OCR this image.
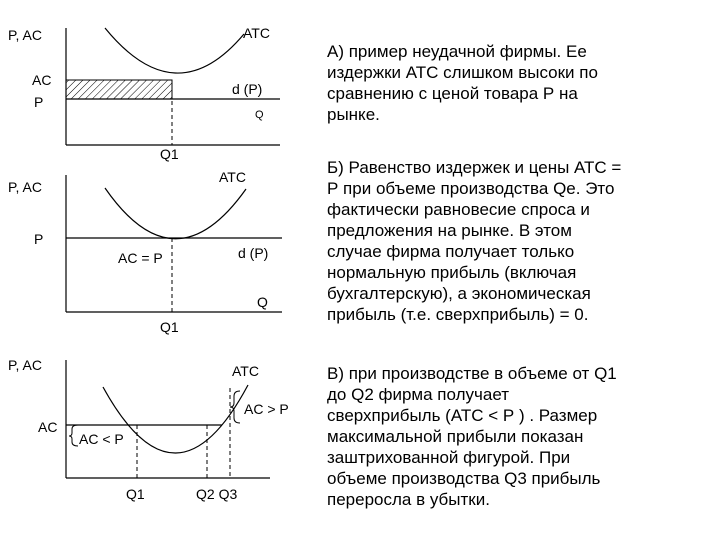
P, AC	ATC
AC
P
d (P)
Q
Q1
P, AC
ATC
P
AC = P	d (P)
Q
Q1
P, AC	ATC
AC
AC > P
AC < P
Q1	Q2 Q3

А) пример неудачной фирмы. Ее
издержки АТС слишком высоки по
сравнению с ценой товара Р на
рынке.

Б) Равенство издержек и цены АТС =
Р при объеме производства Qе. Это
фактически равновесие спроса и
предложения на рынке. В этом
случае фирма получает только
нормальную прибыль (включая
бухгалтерскую), а экономическая
прибыль (т.е. сверхприбыль) = 0.

В) при производстве в объеме от Q1
до Q2 фирма получает
сверхприбыль (АТС < Р ) . Размер
максимальной прибыли показан
заштрихованной фигурой. При
объеме производства Q3 прибыль
переросла в убытки.
